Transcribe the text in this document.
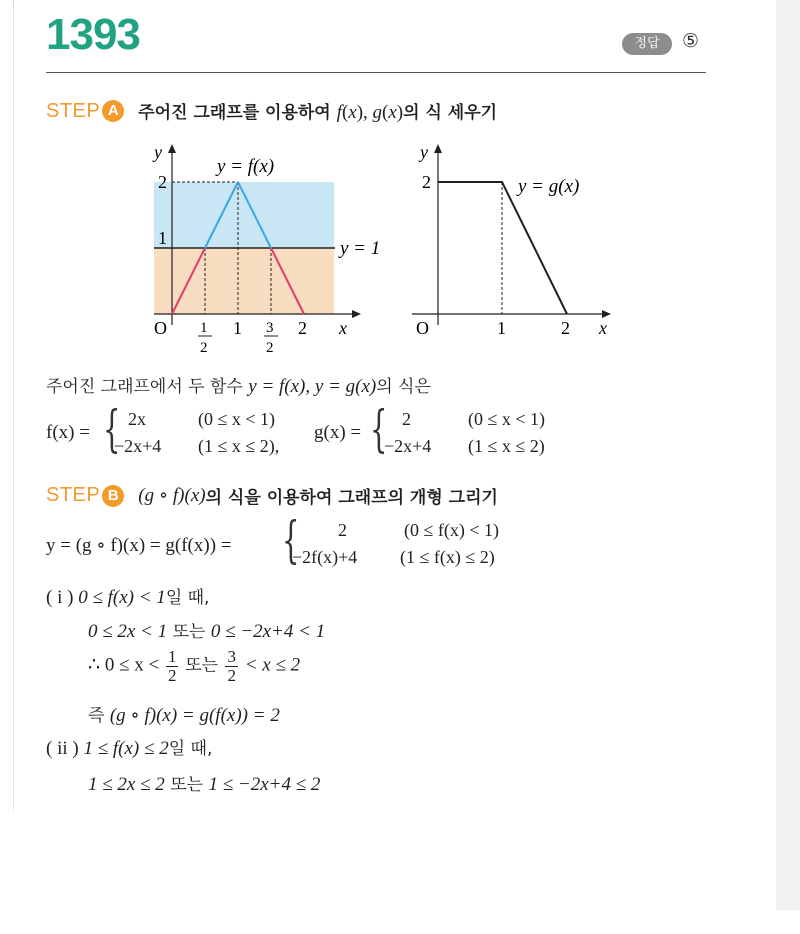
1393	정답	⑤
STEP A	주어진 그래프를 이용하여 f(x), g(x)의 식 세우기
y
y = f(x)
2
1	y = 1
O 1
2
1 3
2
2 x
y
2	y = g(x)
O	1	2 x
주어진 그래프에서 두 함수 y = f(x), y = g(x)의 식은
f(x) = { 2x	(0 ≤ x < 1)
−2x+4 (1 ≤ x ≤ 2),
g(x) = { 2	(0 ≤ x < 1)
−2x+4 (1 ≤ x ≤ 2)
STEP B (g ∘ f)(x) 의 식을 이용하여 그래프의 개형 그리기
y = (g ∘ f)(x) = g(f(x)) = { 2	(0 ≤ f(x) < 1)
−2f(x)+4 (1 ≤ f(x) ≤ 2)
( i ) 0 ≤ f(x) < 1일 때,
0 ≤ 2x < 1 또는 0 ≤ −2x+4 < 1
∴ $0 \le x < \frac{1}{2}$ 또는 $\frac{3}{2} < x \le 2$
즉 (g ∘ f)(x) = g(f(x)) = 2
( ii ) 1 ≤ f(x) ≤ 2일 때,
1 ≤ 2x ≤ 2 또는 1 ≤ −2x+4 ≤ 2
